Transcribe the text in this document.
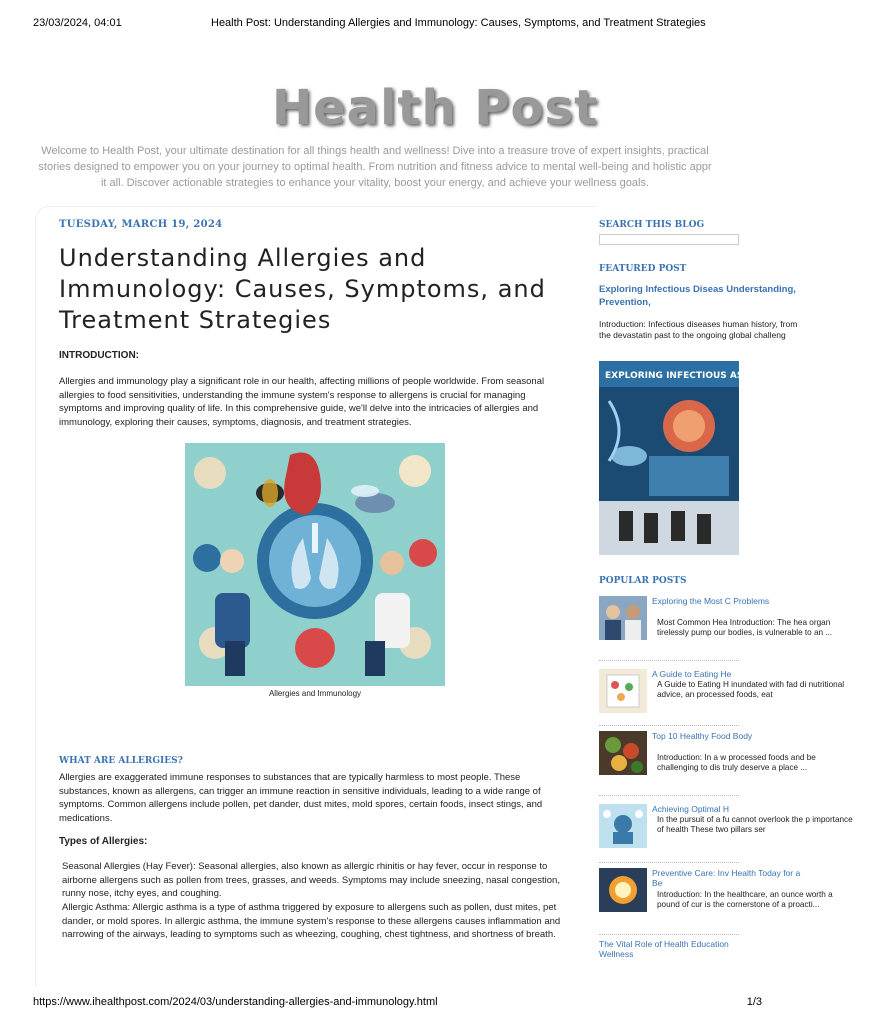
23/03/2024, 04:01	Health Post: Understanding Allergies and Immunology: Causes, Symptoms, and Treatment Strategies
https://www.ihealthpost.com/2024/03/understanding-allergies-and-immunology.html	1/3
Health Post
Welcome to Health Post, your ultimate destination for all things health and wellness! Dive into a treasure trove of expert insights, practical
stories designed to empower you on your journey to optimal health. From nutrition and fitness advice to mental well-being and holistic appr
it all. Discover actionable strategies to enhance your vitality, boost your energy, and achieve your wellness goals.
TUESDAY, MARCH 19, 2024
Understanding Allergies and Immunology: Causes, Symptoms, and Treatment Strategies
INTRODUCTION:

Allergies and immunology play a significant role in our health, affecting millions of people worldwide. From seasonal allergies to food sensitivities, understanding the immune system's response to allergens is crucial for managing symptoms and improving quality of life. In this comprehensive guide, we'll delve into the intricacies of allergies and immunology, exploring their causes, symptoms, diagnosis, and treatment strategies.

Allergies and Immunology
WHAT ARE ALLERGIES?

Allergies are exaggerated immune responses to substances that are typically harmless to most people. These substances, known as allergens, can trigger an immune reaction in sensitive individuals, leading to a wide range of symptoms. Common allergens include pollen, pet dander, dust mites, mold spores, certain foods, insect stings, and medications.

Types of Allergies:

Seasonal Allergies (Hay Fever): Seasonal allergies, also known as allergic rhinitis or hay fever, occur in response to airborne allergens such as pollen from trees, grasses, and weeds. Symptoms may include sneezing, nasal congestion, runny nose, itchy eyes, and coughing.

Allergic Asthma: Allergic asthma is a type of asthma triggered by exposure to allergens such as pollen, dust mites, pet dander, or mold spores. In allergic asthma, the immune system's response to these allergens causes inflammation and narrowing of the airways, leading to symptoms such as wheezing, coughing, chest tightness, and shortness of breath.

SEARCH THIS BLOG
FEATURED POST
Exploring Infectious Diseas Understanding, Prevention,
Introduction: Infectious diseases human history, from the devastatin past to the ongoing global challeng
EXPLORING INFECTIOUS AS
POPULAR POSTS
Exploring the Most C Problems
Most Common Hea Introduction: The hea organ tirelessly pump our bodies, is vulnerable to an ...
A Guide to Eating He
A Guide to Eating H inundated with fad di nutritional advice, an processed foods, eat
Top 10 Healthy Food Body
Introduction: In a w processed foods and be challenging to dis truly deserve a place ...
Achieving Optimal H
In the pursuit of a fu cannot overlook the p importance of health These two pillars ser
Preventive Care: Inv Health Today for a Be
Introduction: In the healthcare, an ounce worth a pound of cur is the cornerstone of a proacti...
The Vital Role of Health Education Wellness
